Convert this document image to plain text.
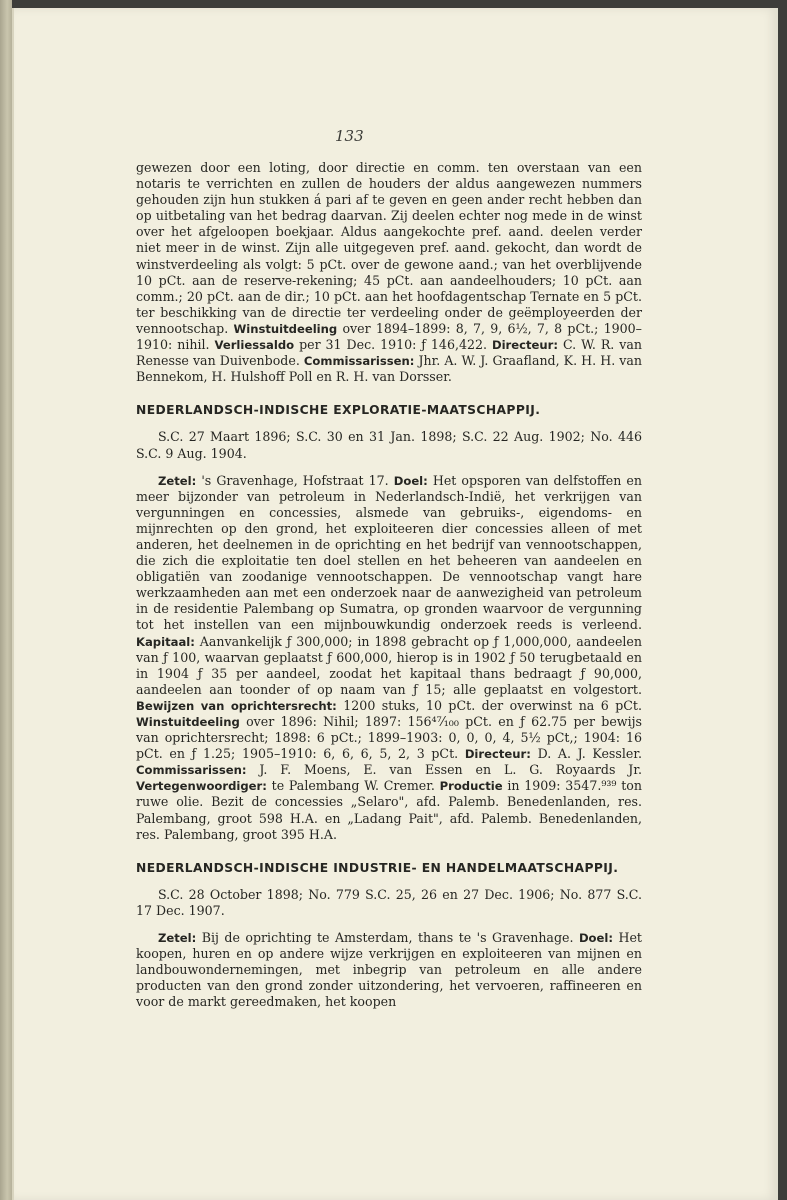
133

gewezen door een loting, door directie en comm. ten overstaan van een notaris te verrichten en zullen de houders der aldus aangewezen nummers gehouden zijn hun stukken á pari af te geven en geen ander recht hebben dan op uitbetaling van het bedrag daarvan. Zij deelen echter nog mede in de winst over het afgeloopen boekjaar. Aldus aangekochte pref. aand. deelen verder niet meer in de winst. Zijn alle uitgegeven pref. aand. gekocht, dan wordt de winstverdeeling als volgt: 5 pCt. over de gewone aand.; van het overblijvende 10 pCt. aan de reserve-rekening; 45 pCt. aan aandeelhouders; 10 pCt. aan comm.; 20 pCt. aan de dir.; 10 pCt. aan het hoofdagentschap Ternate en 5 pCt. ter beschikking van de directie ter verdeeling onder de geëmployeerden der vennootschap. Winstuitdeeling over 1894–1899: 8, 7, 9, 6½, 7, 8 pCt.; 1900–1910: nihil. Verliessaldo per 31 Dec. 1910: ƒ 146,422. Directeur: C. W. R. van Renesse van Duivenbode. Commissarissen: Jhr. A. W. J. Graafland, K. H. H. van Bennekom, H. Hulshoff Poll en R. H. van Dorsser.

NEDERLANDSCH-INDISCHE EXPLORATIE-MAATSCHAPPIJ.

S.C. 27 Maart 1896; S.C. 30 en 31 Jan. 1898; S.C. 22 Aug. 1902; No. 446 S.C. 9 Aug. 1904.

Zetel: 's Gravenhage, Hofstraat 17. Doel: Het opsporen van delfstoffen en meer bijzonder van petroleum in Nederlandsch-Indië, het verkrijgen van vergunningen en concessies, alsmede van gebruiks-, eigendoms- en mijnrechten op den grond, het exploiteeren dier concessies alleen of met anderen, het deelnemen in de oprichting en het bedrijf van vennootschappen, die zich die exploitatie ten doel stellen en het beheeren van aandeelen en obligatiën van zoodanige vennootschappen. De vennootschap vangt hare werkzaamheden aan met een onderzoek naar de aanwezigheid van petroleum in de residentie Palembang op Sumatra, op gronden waarvoor de vergunning tot het instellen van een mijnbouwkundig onderzoek reeds is verleend. Kapitaal: Aanvankelijk ƒ 300,000; in 1898 gebracht op ƒ 1,000,000, aandeelen van ƒ 100, waarvan geplaatst ƒ 600,000, hierop is in 1902 ƒ 50 terugbetaald en in 1904 ƒ 35 per aandeel, zoodat het kapitaal thans bedraagt ƒ 90,000, aandeelen aan toonder of op naam van ƒ 15; alle geplaatst en volgestort. Bewijzen van oprichtersrecht: 1200 stuks, 10 pCt. der overwinst na 6 pCt. Winstuitdeeling over 1896: Nihil; 1897: 156⁴⁷⁄₁₀₀ pCt. en ƒ 62.75 per bewijs van oprichtersrecht; 1898: 6 pCt.; 1899–1903: 0, 0, 0, 4, 5½ pCt,; 1904: 16 pCt. en ƒ 1.25; 1905–1910: 6, 6, 6, 5, 2, 3 pCt. Directeur: D. A. J. Kessler. Commissarissen: J. F. Moens, E. van Essen en L. G. Royaards Jr. Vertegenwoordiger: te Palembang W. Cremer. Productie in 1909: 3547.⁹³⁹ ton ruwe olie. Bezit de concessies „Selaro", afd. Palemb. Benedenlanden, res. Palembang, groot 598 H.A. en „Ladang Pait", afd. Palemb. Benedenlanden, res. Palembang, groot 395 H.A.

NEDERLANDSCH-INDISCHE INDUSTRIE- EN HANDELMAATSCHAPPIJ.

S.C. 28 October 1898; No. 779 S.C. 25, 26 en 27 Dec. 1906; No. 877 S.C. 17 Dec. 1907.

Zetel: Bij de oprichting te Amsterdam, thans te 's Gravenhage. Doel: Het koopen, huren en op andere wijze verkrijgen en exploiteeren van mijnen en landbouwondernemingen, met inbegrip van petroleum en alle andere producten van den grond zonder uitzondering, het vervoeren, raffineeren en voor de markt gereedmaken, het koopen
